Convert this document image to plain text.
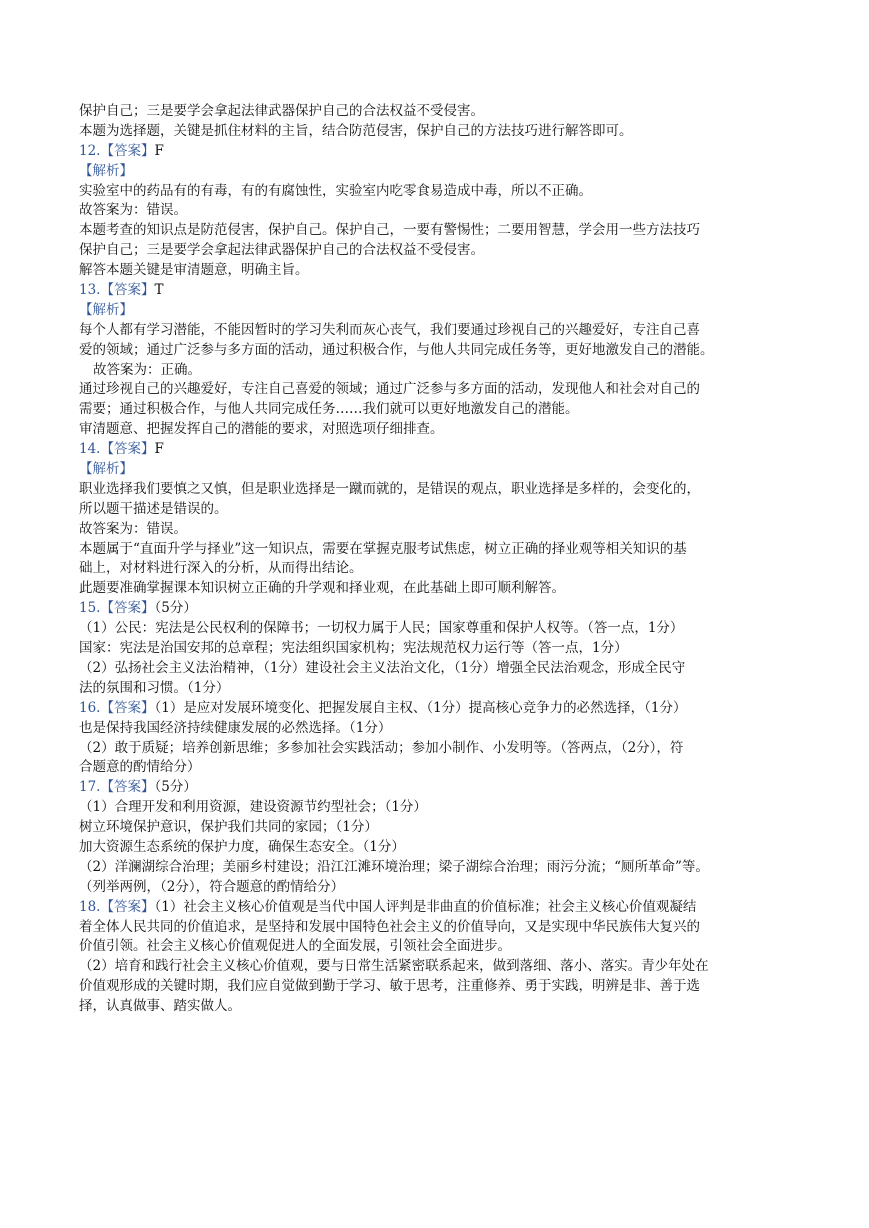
保护自己；三是要学会拿起法律武器保护自己的合法权益不受侵害。
本题为选择题，关键是抓住材料的主旨，结合防范侵害，保护自己的方法技巧进行解答即可。
12.【答案】F
【解析】
实验室中的药品有的有毒，有的有腐蚀性，实验室内吃零食易造成中毒，所以不正确。
故答案为：错误。
本题考查的知识点是防范侵害，保护自己。保护自己，一要有警惕性；二要用智慧，学会用一些方法技巧
保护自己；三是要学会拿起法律武器保护自己的合法权益不受侵害。
解答本题关键是审清题意，明确主旨。
13.【答案】T
【解析】
每个人都有学习潜能，不能因暂时的学习失利而灰心丧气，我们要通过珍视自己的兴趣爱好，专注自己喜
爱的领域；通过广泛参与多方面的活动，通过积极合作，与他人共同完成任务等，更好地激发自己的潜能。
故答案为：正确。
通过珍视自己的兴趣爱好，专注自己喜爱的领域；通过广泛参与多方面的活动，发现他人和社会对自己的
需要；通过积极合作，与他人共同完成任务……我们就可以更好地激发自己的潜能。
审清题意、把握发挥自己的潜能的要求，对照选项仔细排查。
14.【答案】F
【解析】
职业选择我们要慎之又慎，但是职业选择是一蹴而就的，是错误的观点，职业选择是多样的，会变化的，
所以题干描述是错误的。
故答案为：错误。
本题属于“直面升学与择业”这一知识点，需要在掌握克服考试焦虑，树立正确的择业观等相关知识的基
础上，对材料进行深入的分析，从而得出结论。
此题要准确掌握课本知识树立正确的升学观和择业观，在此基础上即可顺利解答。
15.【答案】（5分）
（1）公民：宪法是公民权利的保障书；一切权力属于人民；国家尊重和保护人权等。（答一点，1分）
国家：宪法是治国安邦的总章程；宪法组织国家机构；宪法规范权力运行等（答一点，1分）
（2）弘扬社会主义法治精神，（1分）建设社会主义法治文化，（1分）增强全民法治观念，形成全民守
法的氛围和习惯。（1分）
16.【答案】（1）是应对发展环境变化、把握发展自主权、（1分）提高核心竞争力的必然选择，（1分）
也是保持我国经济持续健康发展的必然选择。（1分）
（2）敢于质疑；培养创新思维；多参加社会实践活动；参加小制作、小发明等。（答两点，（2分），符
合题意的酌情给分）
17.【答案】（5分）
（1）合理开发和利用资源，建设资源节约型社会；（1分）
树立环境保护意识，保护我们共同的家园；（1分）
加大资源生态系统的保护力度，确保生态安全。（1分）
（2）洋澜湖综合治理；美丽乡村建设；沿江江滩环境治理；梁子湖综合治理；雨污分流；“厕所革命”等。
（列举两例，（2分），符合题意的酌情给分）
18.【答案】（1）社会主义核心价值观是当代中国人评判是非曲直的价值标准；社会主义核心价值观凝结
着全体人民共同的价值追求，是坚持和发展中国特色社会主义的价值导向，又是实现中华民族伟大复兴的
价值引领。社会主义核心价值观促进人的全面发展，引领社会全面进步。
（2）培育和践行社会主义核心价值观，要与日常生活紧密联系起来，做到落细、落小、落实。青少年处在
价值观形成的关键时期，我们应自觉做到勤于学习、敏于思考，注重修养、勇于实践，明辨是非、善于选
择，认真做事、踏实做人。
